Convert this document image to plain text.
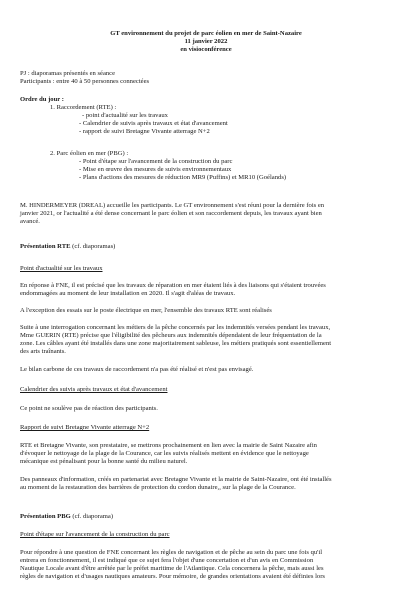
GT environnement du projet de parc éolien en mer de Saint-Nazaire
11 janvier 2022
en visioconférence
PJ : diaporamas présentés en séance
Participants : entre 40 à 50 personnes connectées
Ordre du jour :
1. Raccordement (RTE) :
- point d'actualité sur les travaux
- Calendrier de suivis après travaux et état d'avancement
- rapport de suivi Bretagne Vivante atterrage N+2
2. Parc éolien en mer (PBG) :
- Point d'étape sur l'avancement de la construction du parc
- Mise en œuvre des mesures de suivis environnementaux
- Plans d'actions des mesures de réduction MR9 (Puffins) et MR10 (Goélands)
M. HINDERMEYER (DREAL) accueille les participants. Le GT environnement s'est réuni pour la dernière fois en
janvier 2021, or l'actualité a été dense concernant le parc éolien et son raccordement depuis, les travaux ayant bien
avancé.
Présentation RTE (cf. diaporamas)
Point d'actualité sur les travaux
En réponse à FNE, il est précisé que les travaux de réparation en mer étaient liés à des liaisons qui s'étaient trouvées
endommagées au moment de leur installation en 2020. Il s'agit d'aléas de travaux.
A l'exception des essais sur le poste électrique en mer, l'ensemble des travaux RTE sont réalisés
Suite à une interrogation concernant les métiers de la pêche concernés par les indemnités versées pendant les travaux,
Mme GUERIN (RTE) précise que l'éligibilité des pêcheurs aux indemnités dépendaient de leur fréquentation de la
zone. Les câbles ayant été installés dans une zone majoritairement sableuse, les métiers pratiqués sont essentiellement
des arts traînants.
Le bilan carbone de ces travaux de raccordement n'a pas été réalisé et n'est pas envisagé.
Calendrier des suivis après travaux et état d'avancement
Ce point ne soulève pas de réaction des participants.
Rapport de suivi Bretagne Vivante atterrage N+2
RTE et Bretagne Vivante, son prestataire, se mettrons prochainement en lien avec la mairie de Saint Nazaire afin
d'évoquer le nettoyage de la plage de la Courance, car les suivis réalisés mettent en évidence que le nettoyage
mécanique est pénalisant pour la bonne santé du milieu naturel.
Des panneaux d'information, créés en partenariat avec Bretagne Vivante et la mairie de Saint-Nazaire, ont été installés
au moment de la restauration des barrières de protection du cordon dunaire,, sur la plage de la Courance.
Présentation PBG (cf. diaporama)
Point d'étape sur l'avancement de la construction du parc
Pour répondre à une question de FNE concernant les règles de navigation et de pêche au sein du parc une fois qu'il
entrera en fonctionnement, il est indiqué que ce sujet fera l'objet d'une concertation et d'un avis en Commission
Nautique Locale avant d'être arrêtée par le préfet maritime de l'Atlantique. Cela concernera la pêche, mais aussi les
règles de navigation et d'usages nautiques amateurs. Pour mémoire, de grandes orientations avaient été définies lors
